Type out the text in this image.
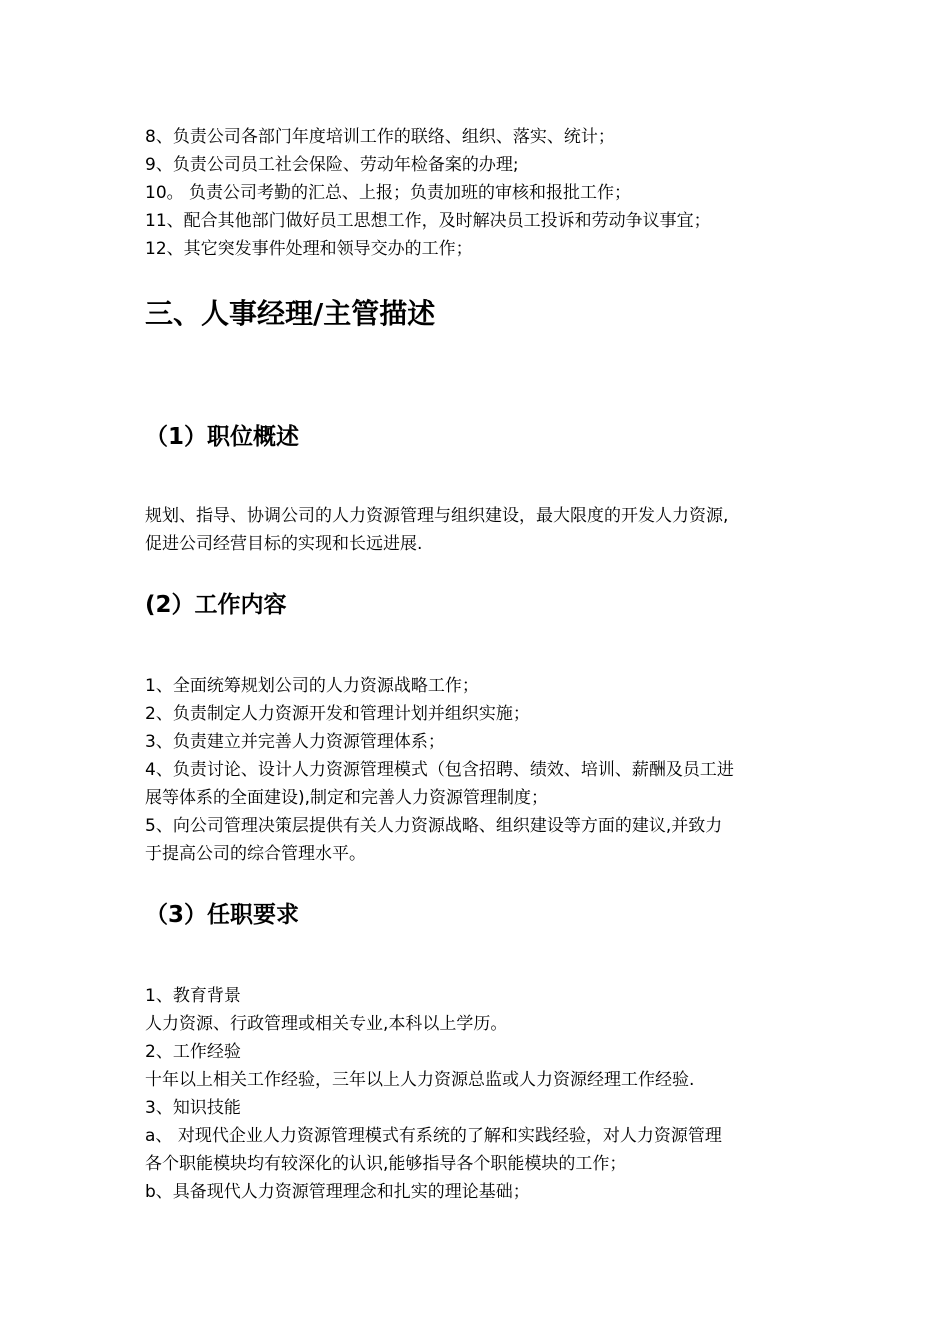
8、负责公司各部门年度培训工作的联络、组织、落实、统计；
9、负责公司员工社会保险、劳动年检备案的办理;
10。 负责公司考勤的汇总、上报；负责加班的审核和报批工作；
11、配合其他部门做好员工思想工作，及时解决员工投诉和劳动争议事宜；
12、其它突发事件处理和领导交办的工作；
三、人事经理/主管描述
（1）职位概述
规划、指导、协调公司的人力资源管理与组织建设，最大限度的开发人力资源,
促进公司经营目标的实现和长远进展.
(2）工作内容
1、全面统筹规划公司的人力资源战略工作；
2、负责制定人力资源开发和管理计划并组织实施；
3、负责建立并完善人力资源管理体系；
4、负责讨论、设计人力资源管理模式（包含招聘、绩效、培训、薪酬及员工进
展等体系的全面建设),制定和完善人力资源管理制度；
5、向公司管理决策层提供有关人力资源战略、组织建设等方面的建议,并致力
于提高公司的综合管理水平。
（3）任职要求
1、教育背景
人力资源、行政管理或相关专业,本科以上学历。
2、工作经验
十年以上相关工作经验，三年以上人力资源总监或人力资源经理工作经验.
3、知识技能
a、 对现代企业人力资源管理模式有系统的了解和实践经验，对人力资源管理
各个职能模块均有较深化的认识,能够指导各个职能模块的工作；
b、具备现代人力资源管理理念和扎实的理论基础；
